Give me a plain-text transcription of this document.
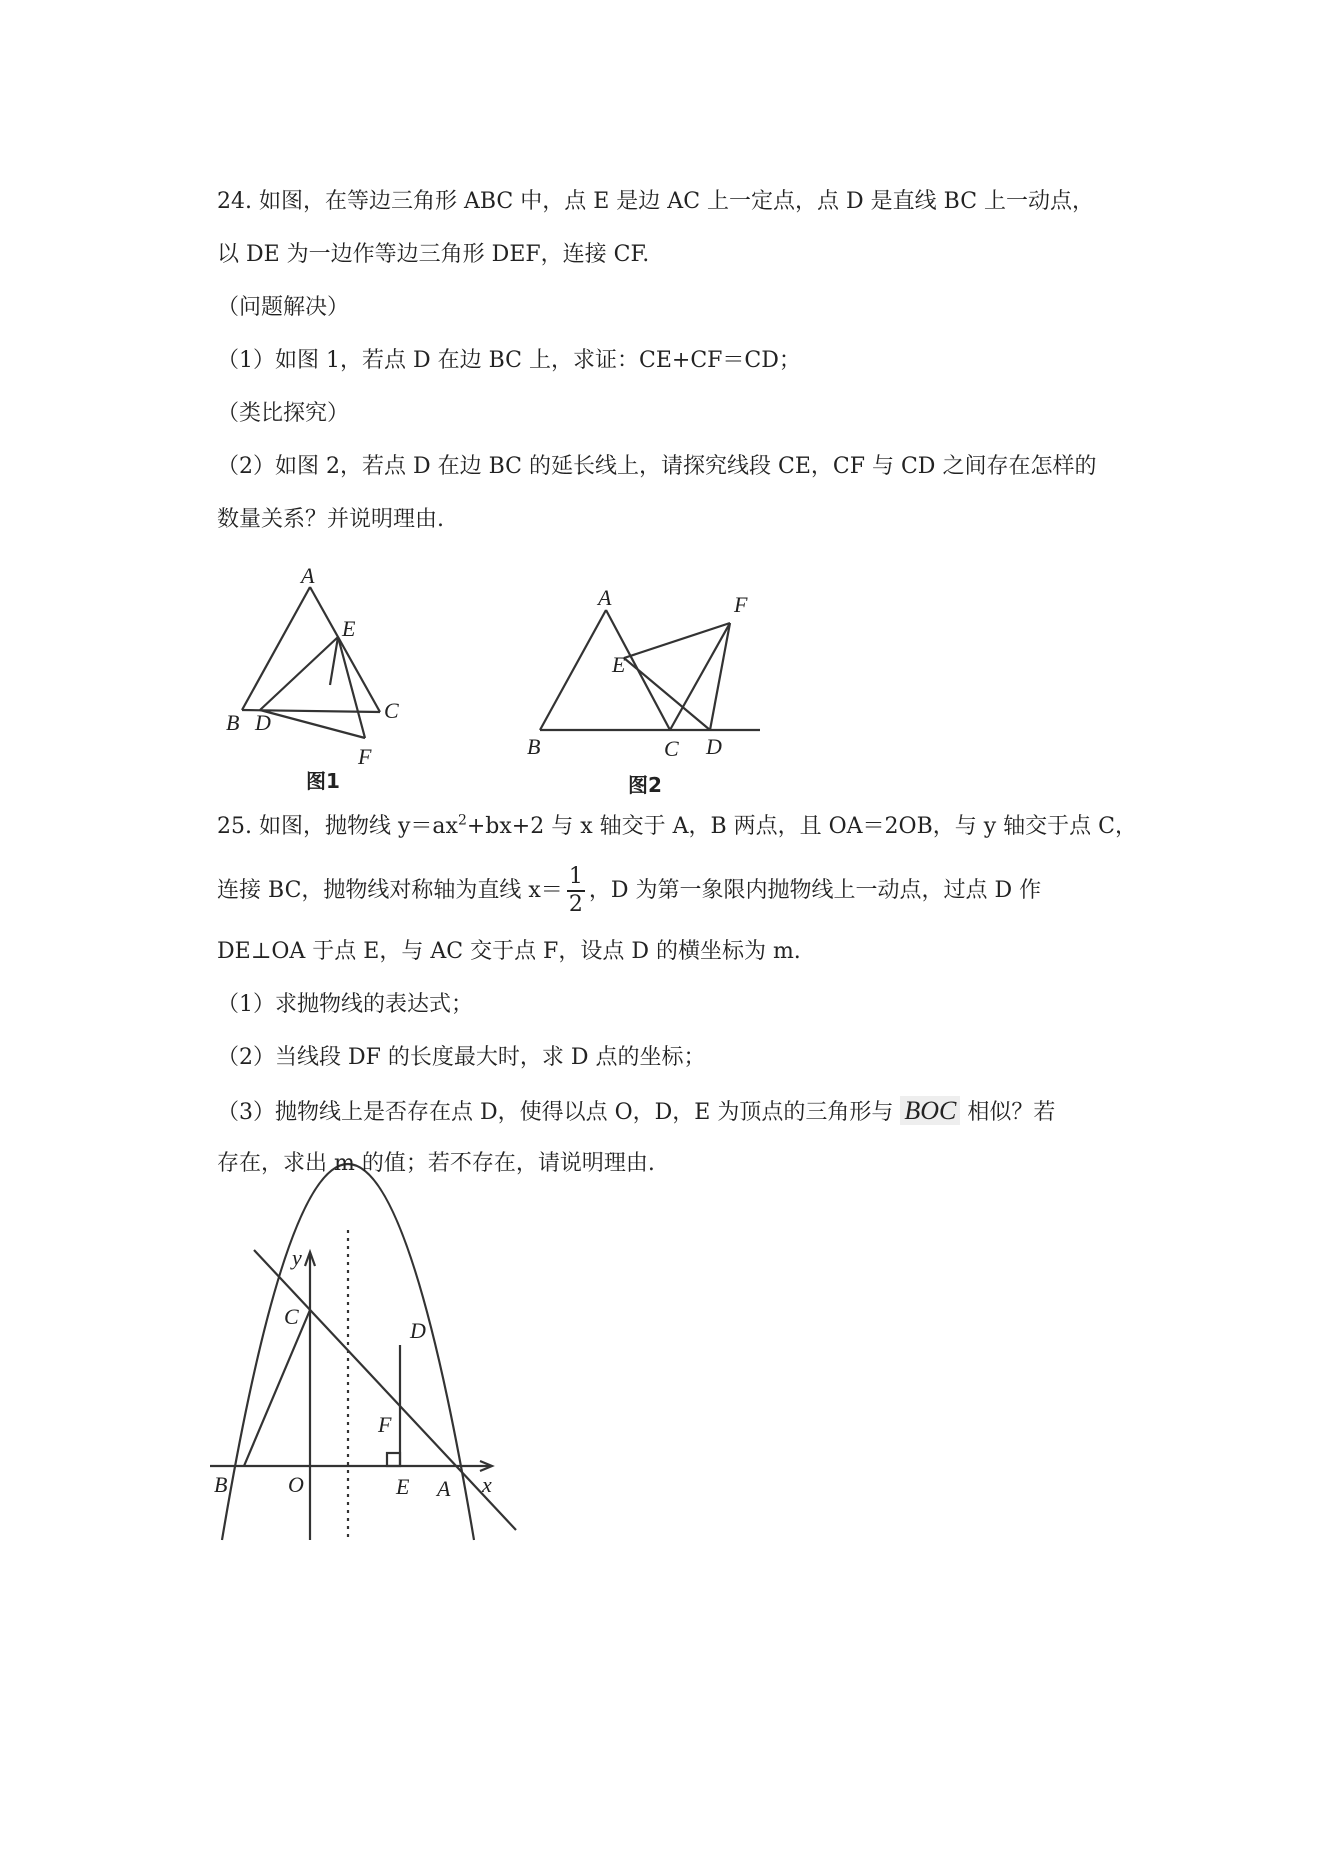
24. 如图，在等边三角形 ABC 中，点 E 是边 AC 上一定点，点 D 是直线 BC 上一动点，
以 DE 为一边作等边三角形 DEF，连接 CF.
（问题解决）
（1）如图 1，若点 D 在边 BC 上，求证：CE+CF＝CD；
（类比探究）
（2）如图 2，若点 D 在边 BC 的延长线上，请探究线段 CE，CF 与 CD 之间存在怎样的
数量关系？并说明理由.
A
B	C
D
E
F
图1
A
B	C D
E
F
图2
y
x
C
D
F
B	O	E A
25. 如图，抛物线 $y=ax^2+bx+2$ 与 x 轴交于 A，B 两点，且 OA＝2OB，与 y 轴交于点 C，
连接 BC，抛物线对称轴为直线 $x= \frac{1}{2}$ ，D 为第一象限内抛物线上一动点，过点 D 作
DE⊥OA 于点 E，与 AC 交于点 F，设点 D 的横坐标为 m.
（1）求抛物线的表达式；
（2）当线段 DF 的长度最大时，求 D 点的坐标；
（3）抛物线上是否存在点 D，使得以点 O，D，E 为顶点的三角形与 BOC 相似？若
存在，求出 m 的值；若不存在，请说明理由.
